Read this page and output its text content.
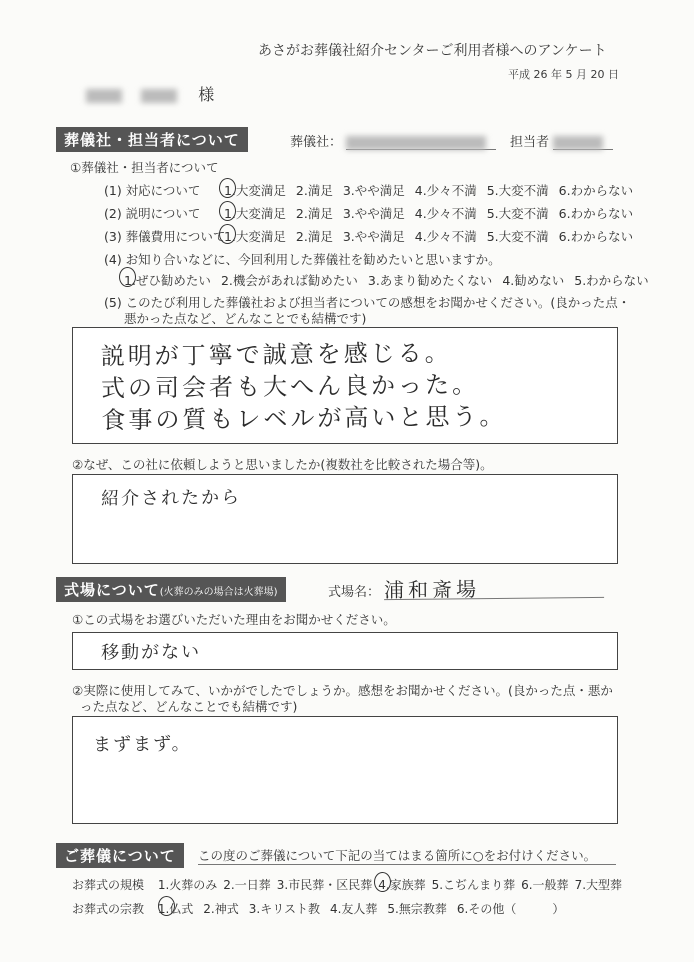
あさがお葬儀社紹介センターご利用者様へのアンケート
平成 26 年 5 月 20 日
様
葬儀社・担当者について	葬儀社：	担当者
①葬儀社・担当者について
(1) 対応について 1.大変満足 2.満足 3.やや満足 4.少々不満 5.大変不満 6.わからない
(2) 説明について 1.大変満足 2.満足 3.やや満足 4.少々不満 5.大変不満 6.わからない
(3) 葬儀費用について 1.大変満足 2.満足 3.やや満足 4.少々不満 5.大変不満 6.わからない
(4) お知り合いなどに、今回利用した葬儀社を勧めたいと思いますか。
1.ぜひ勧めたい 2.機会があれば勧めたい 3.あまり勧めたくない 4.勧めない 5.わからない
(5) このたび利用した葬儀社および担当者についての感想をお聞かせください。(良かった点・
悪かった点など、どんなことでも結構です)
説明が丁寧で誠意を感じる。
式の司会者も大へん良かった。
食事の質もレベルが高いと思う。
②なぜ、この社に依頼しようと思いましたか(複数社を比較された場合等)。
紹介されたから
式場について(火葬のみの場合は火葬場)	式場名： 浦和斎場
①この式場をお選びいただいた理由をお聞かせください。
移動がない
②実際に使用してみて、いかがでしたでしょうか。感想をお聞かせください。(良かった点・悪か
った点など、どんなことでも結構です)
まずまず。
ご葬儀について	この度のご葬儀について下記の当てはまる箇所に○をお付けください。
お葬式の規模 1.火葬のみ 2.一日葬 3.市民葬・区民葬 4.家族葬 5.こぢんまり葬 6.一般葬 7.大型葬
お葬式の宗教 1.仏式 2.神式 3.キリスト教 4.友人葬 5.無宗教葬 6.その他（　　　）
